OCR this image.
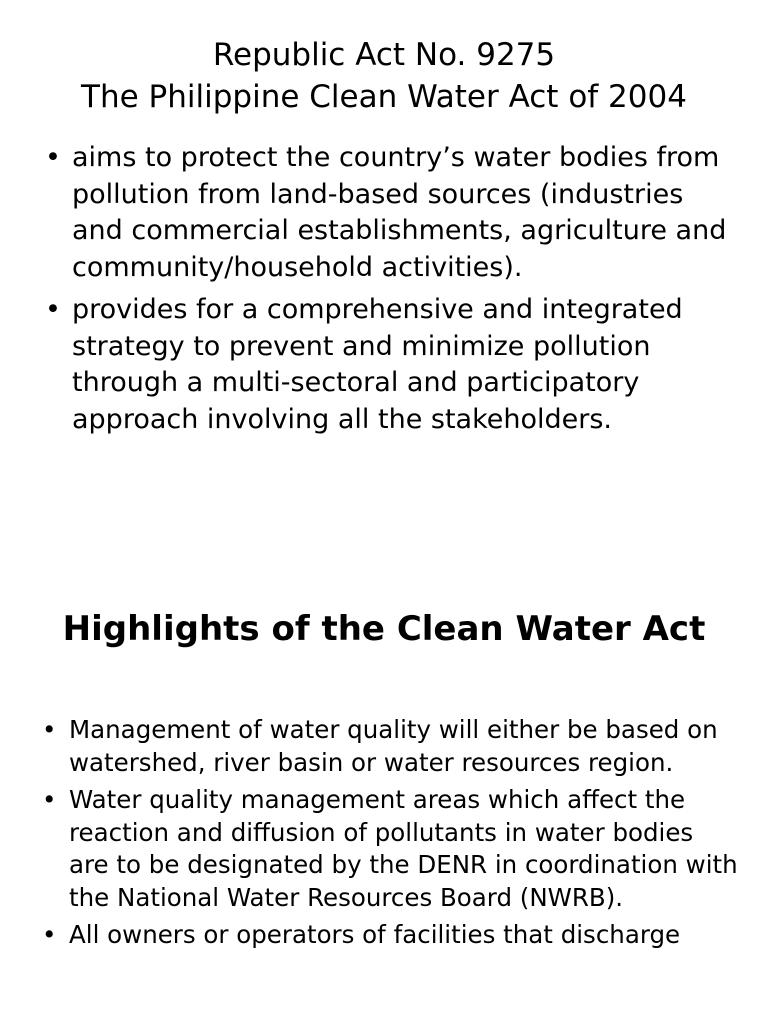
Republic Act No. 9275
The Philippine Clean Water Act of 2004
• aims to protect the country’s water bodies from pollution from land-based sources (industries and commercial establishments, agriculture and community/household activities).
• provides for a comprehensive and integrated strategy to prevent and minimize pollution through a multi-sectoral and participatory approach involving all the stakeholders.
Highlights of the Clean Water Act
• Management of water quality will either be based on watershed, river basin or water resources region.
• Water quality management areas which affect the reaction and diffusion of pollutants in water bodies are to be designated by the DENR in coordination with the National Water Resources Board (NWRB).
• All owners or operators of facilities that discharge
